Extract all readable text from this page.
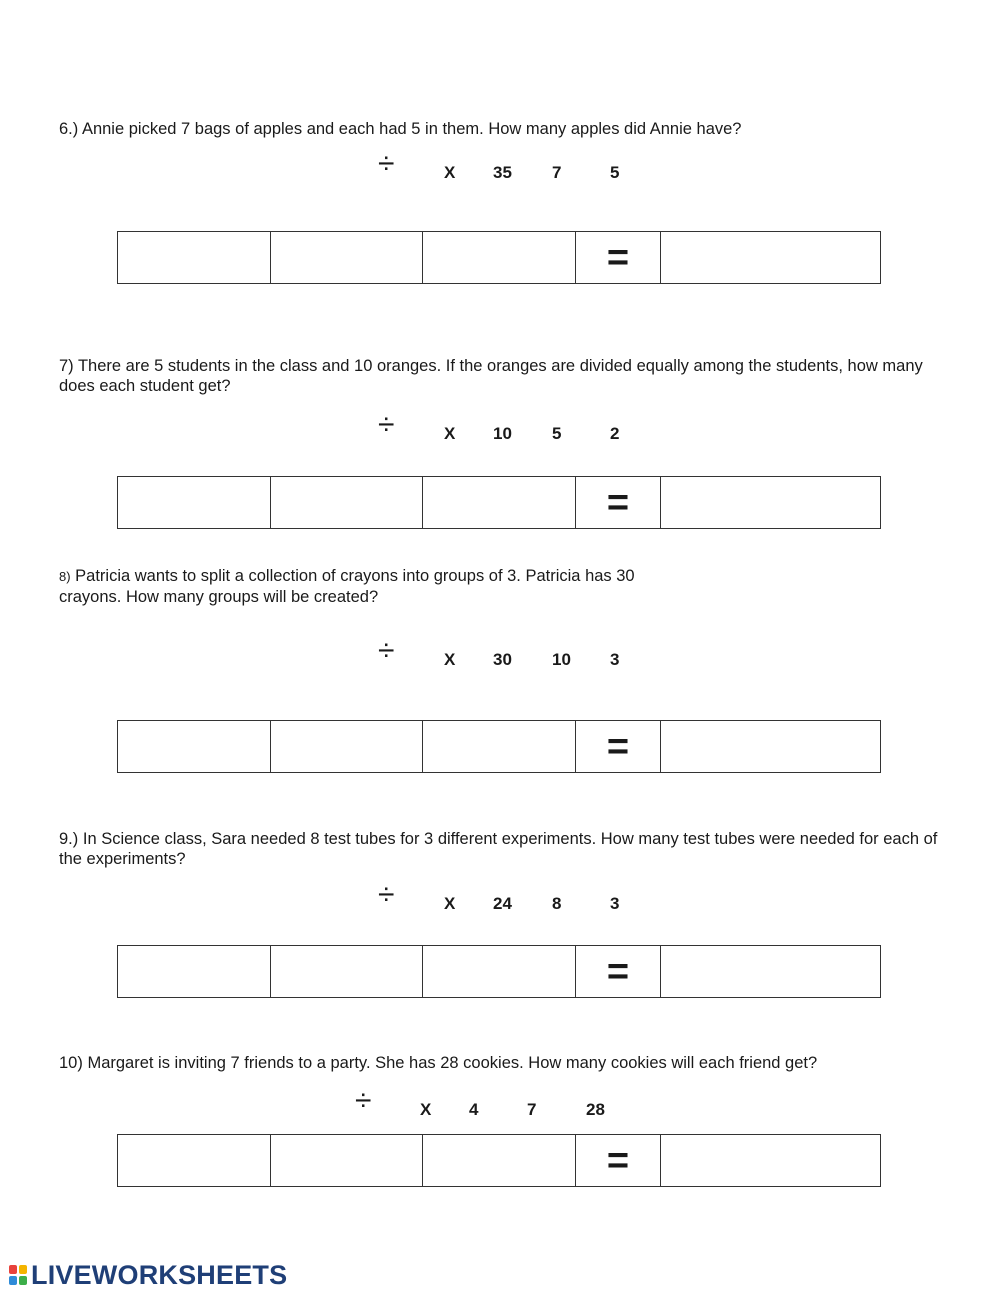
6.) Annie picked 7 bags of apples and each had 5 in them. How many apples did Annie have?

÷	X 35 7	5
			=	

7) There are 5 students in the class and 10 oranges. If the oranges are divided equally among the students, how many does each student get?

÷	X 10 5	2
			=	

8) Patricia wants to split a collection of crayons into groups of 3. Patricia has 30 crayons. How many groups will be created?

÷	X 30 10 3
			=	

9.) In Science class, Sara needed 8 test tubes for 3 different experiments. How many test tubes were needed for each of the experiments?

÷	X 24 8	3
			=	

10) Margaret is inviting 7 friends to a party. She has 28 cookies. How many cookies will each friend get?

÷	X 4	7	28
			=	
LIVEWORKSHEETS
